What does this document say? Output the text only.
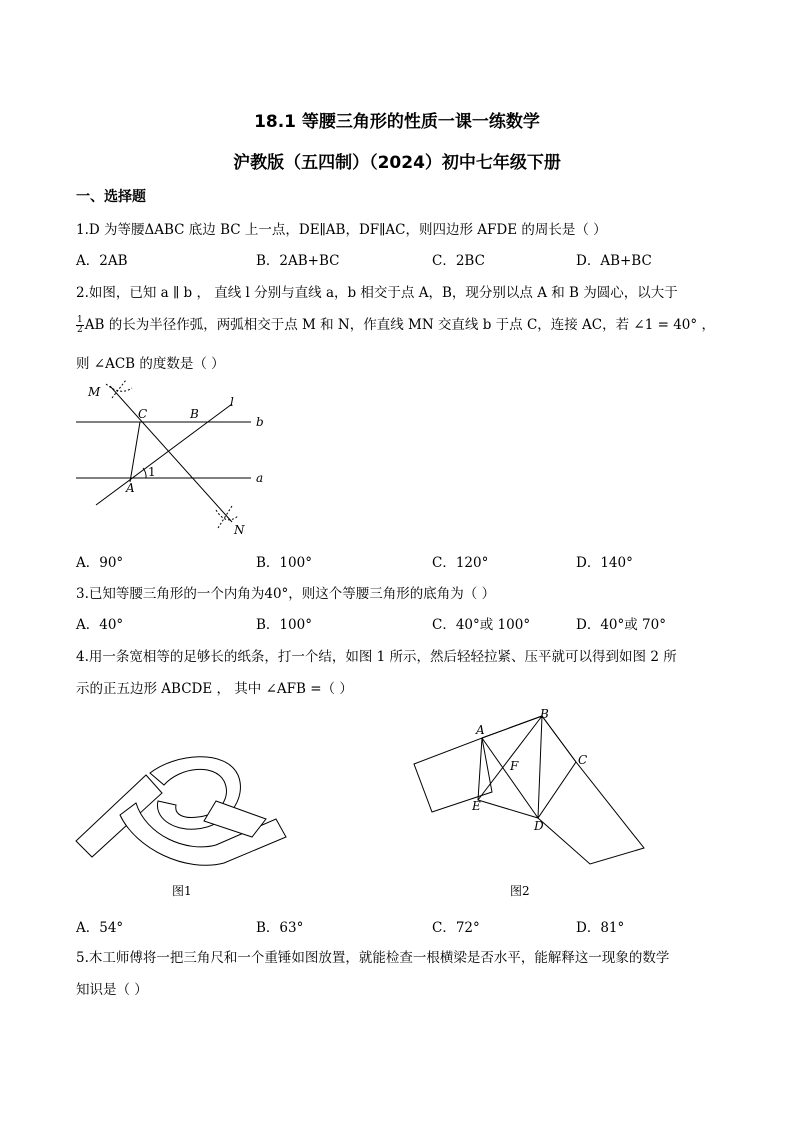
18.1 等腰三角形的性质一课一练数学
沪教版（五四制）（2024）初中七年级下册
一、选择题
1.D 为等腰ΔABC 底边 BC 上一点，DE∥AB，DF∥AC，则四边形 AFDE 的周长是（ ）
A．2AB	B．2AB+BC	C．2BC	D．AB+BC
2.如图，已知 a ∥ b ， 直线 l 分别与直线 a，b 相交于点 A，B，现分别以点 A 和 B 为圆心，以大于
$\frac{1}{2}$ AB 的长为半径作弧，两弧相交于点 M 和 N，作直线 MN 交直线 b 于点 C，连接 AC，若 ∠1 = 40° ，
则 ∠ACB 的度数是（ ）
M
C	B
l
b
a
A
1
N
A．90°	B．100°	C．120°	D．140°
3.已知等腰三角形的一个内角为40°，则这个等腰三角形的底角为（ ）
A．40°	B．100°	C．40°或 100°	D．40°或 70°
4.用一条宽相等的足够长的纸条，打一个结，如图 1 所示，然后轻轻拉紧、压平就可以得到如图 2 所
示的正五边形 ABCDE ， 其中 ∠AFB =（ ）
图1
A
B
C
D
E
F
图2
A．54°	B．63°	C．72°	D．81°
5.木工师傅将一把三角尺和一个重锤如图放置，就能检查一根横梁是否水平，能解释这一现象的数学
知识是（ ）
